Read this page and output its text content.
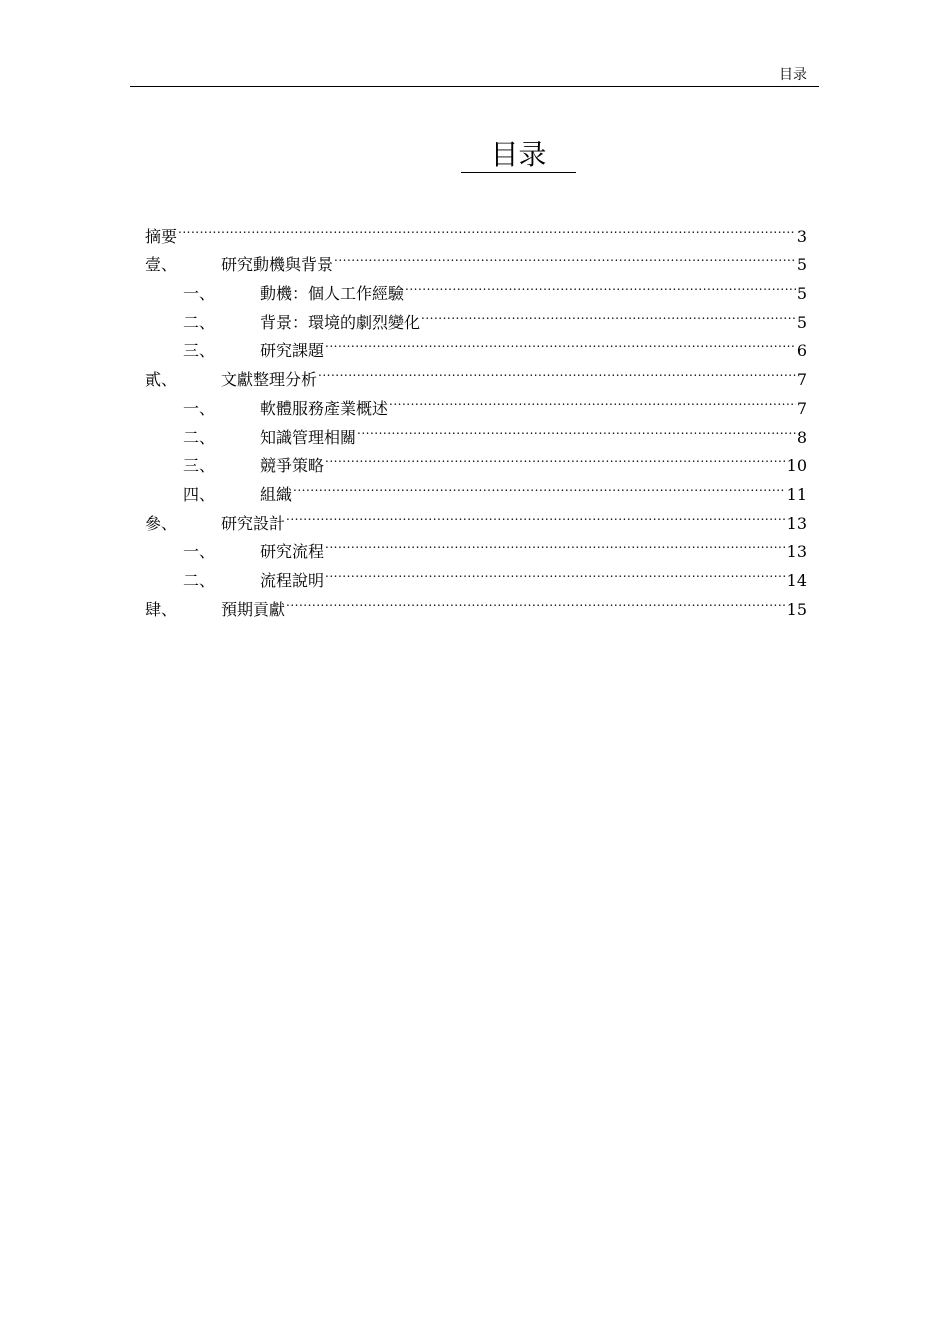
目录
目录
摘要 .....	3
壹、	研究動機與背景 .....	5
一、	動機：個人工作經驗 .....	5
二、	背景：環境的劇烈變化 .....	5
三、	研究課題 .....	6
貳、	文獻整理分析 .....	7
一、	軟體服務產業概述 .....	7
二、	知識管理相關 .....	8
三、	競爭策略 .....	10
四、	組織 .....	11
參、	研究設計 .....	13
一、	研究流程 .....	13
二、	流程說明 .....	14
肆、	預期貢獻 .....	15
